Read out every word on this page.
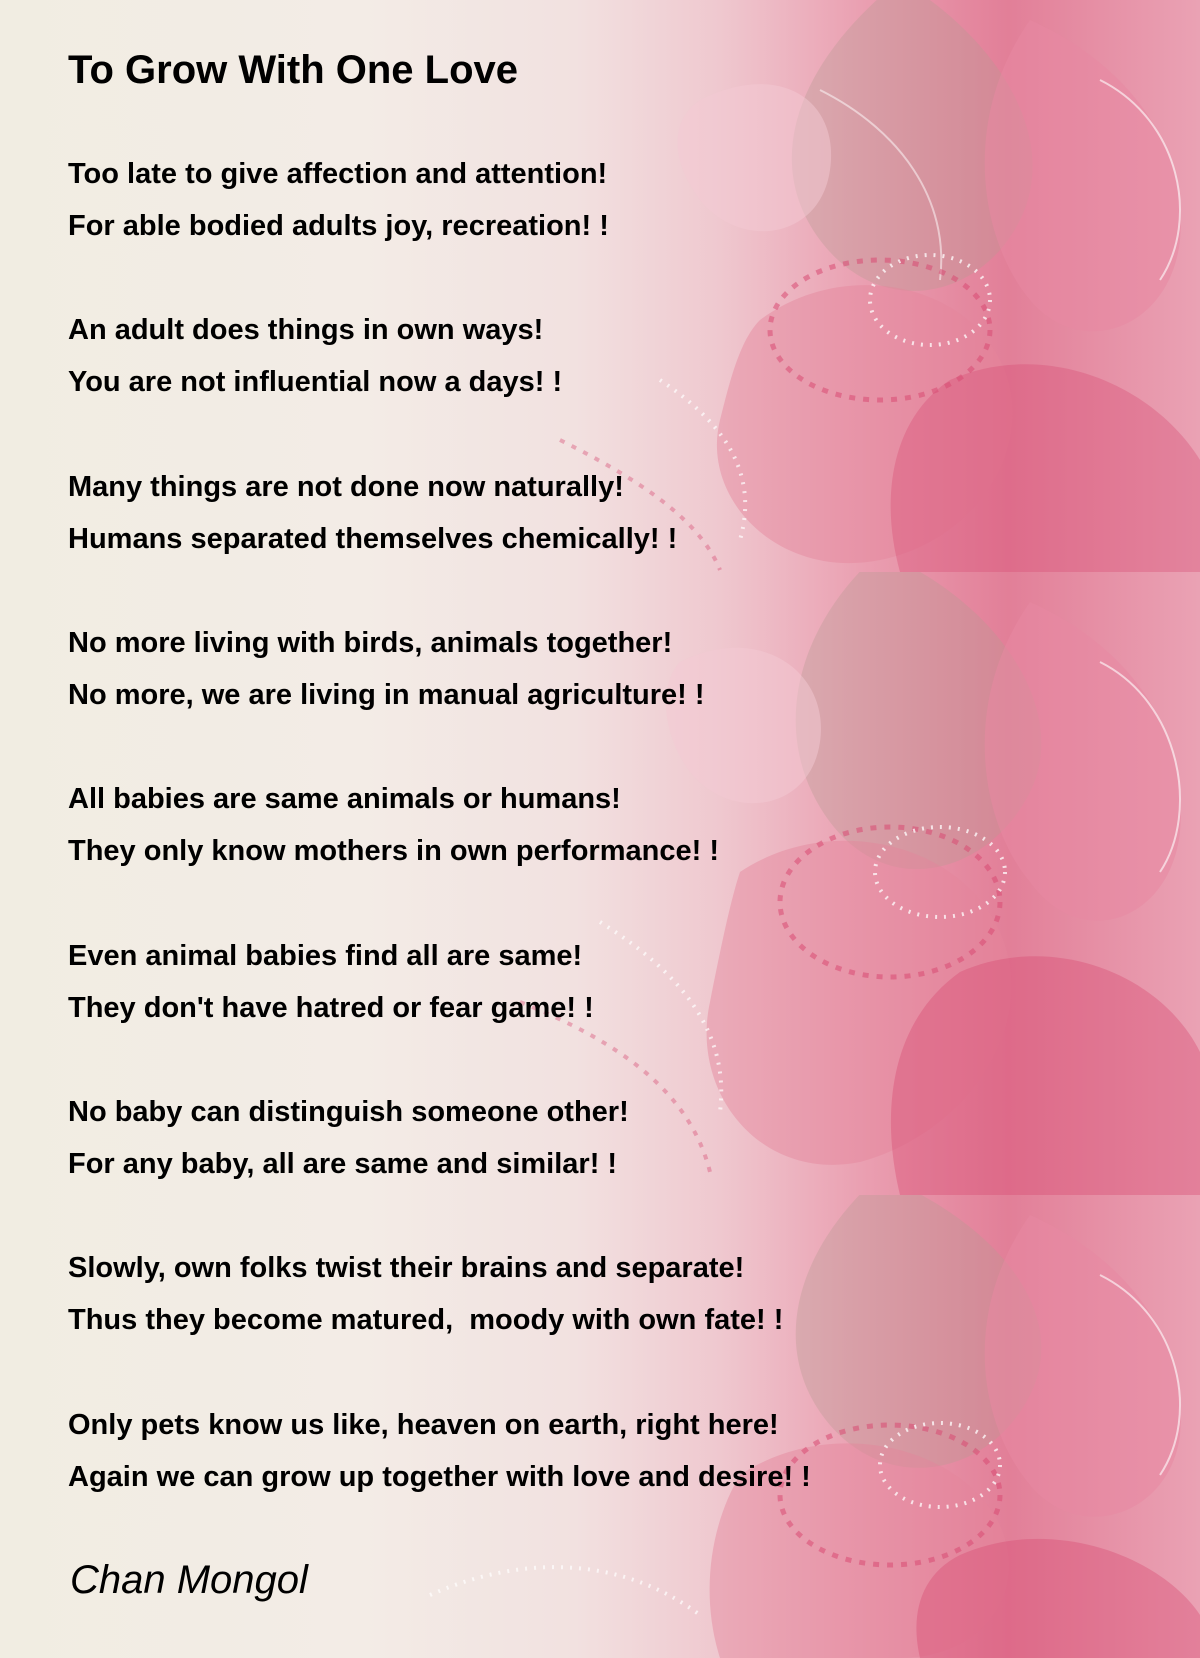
To Grow With One Love
Too late to give affection and attention!
For able bodied adults joy, recreation! !
An adult does things in own ways!
You are not influential now a days! !
Many things are not done now naturally!
Humans separated themselves chemically! !
No more living with birds, animals together!
No more, we are living in manual agriculture! !
All babies are same animals or humans!
They only know mothers in own performance! !
Even animal babies find all are same!
They don't have hatred or fear game! !
No baby can distinguish someone other!
For any baby, all are same and similar! !
Slowly, own folks twist their brains and separate!
Thus they become matured,  moody with own fate! !
Only pets know us like, heaven on earth, right here!
Again we can grow up together with love and desire! !
Chan Mongol
